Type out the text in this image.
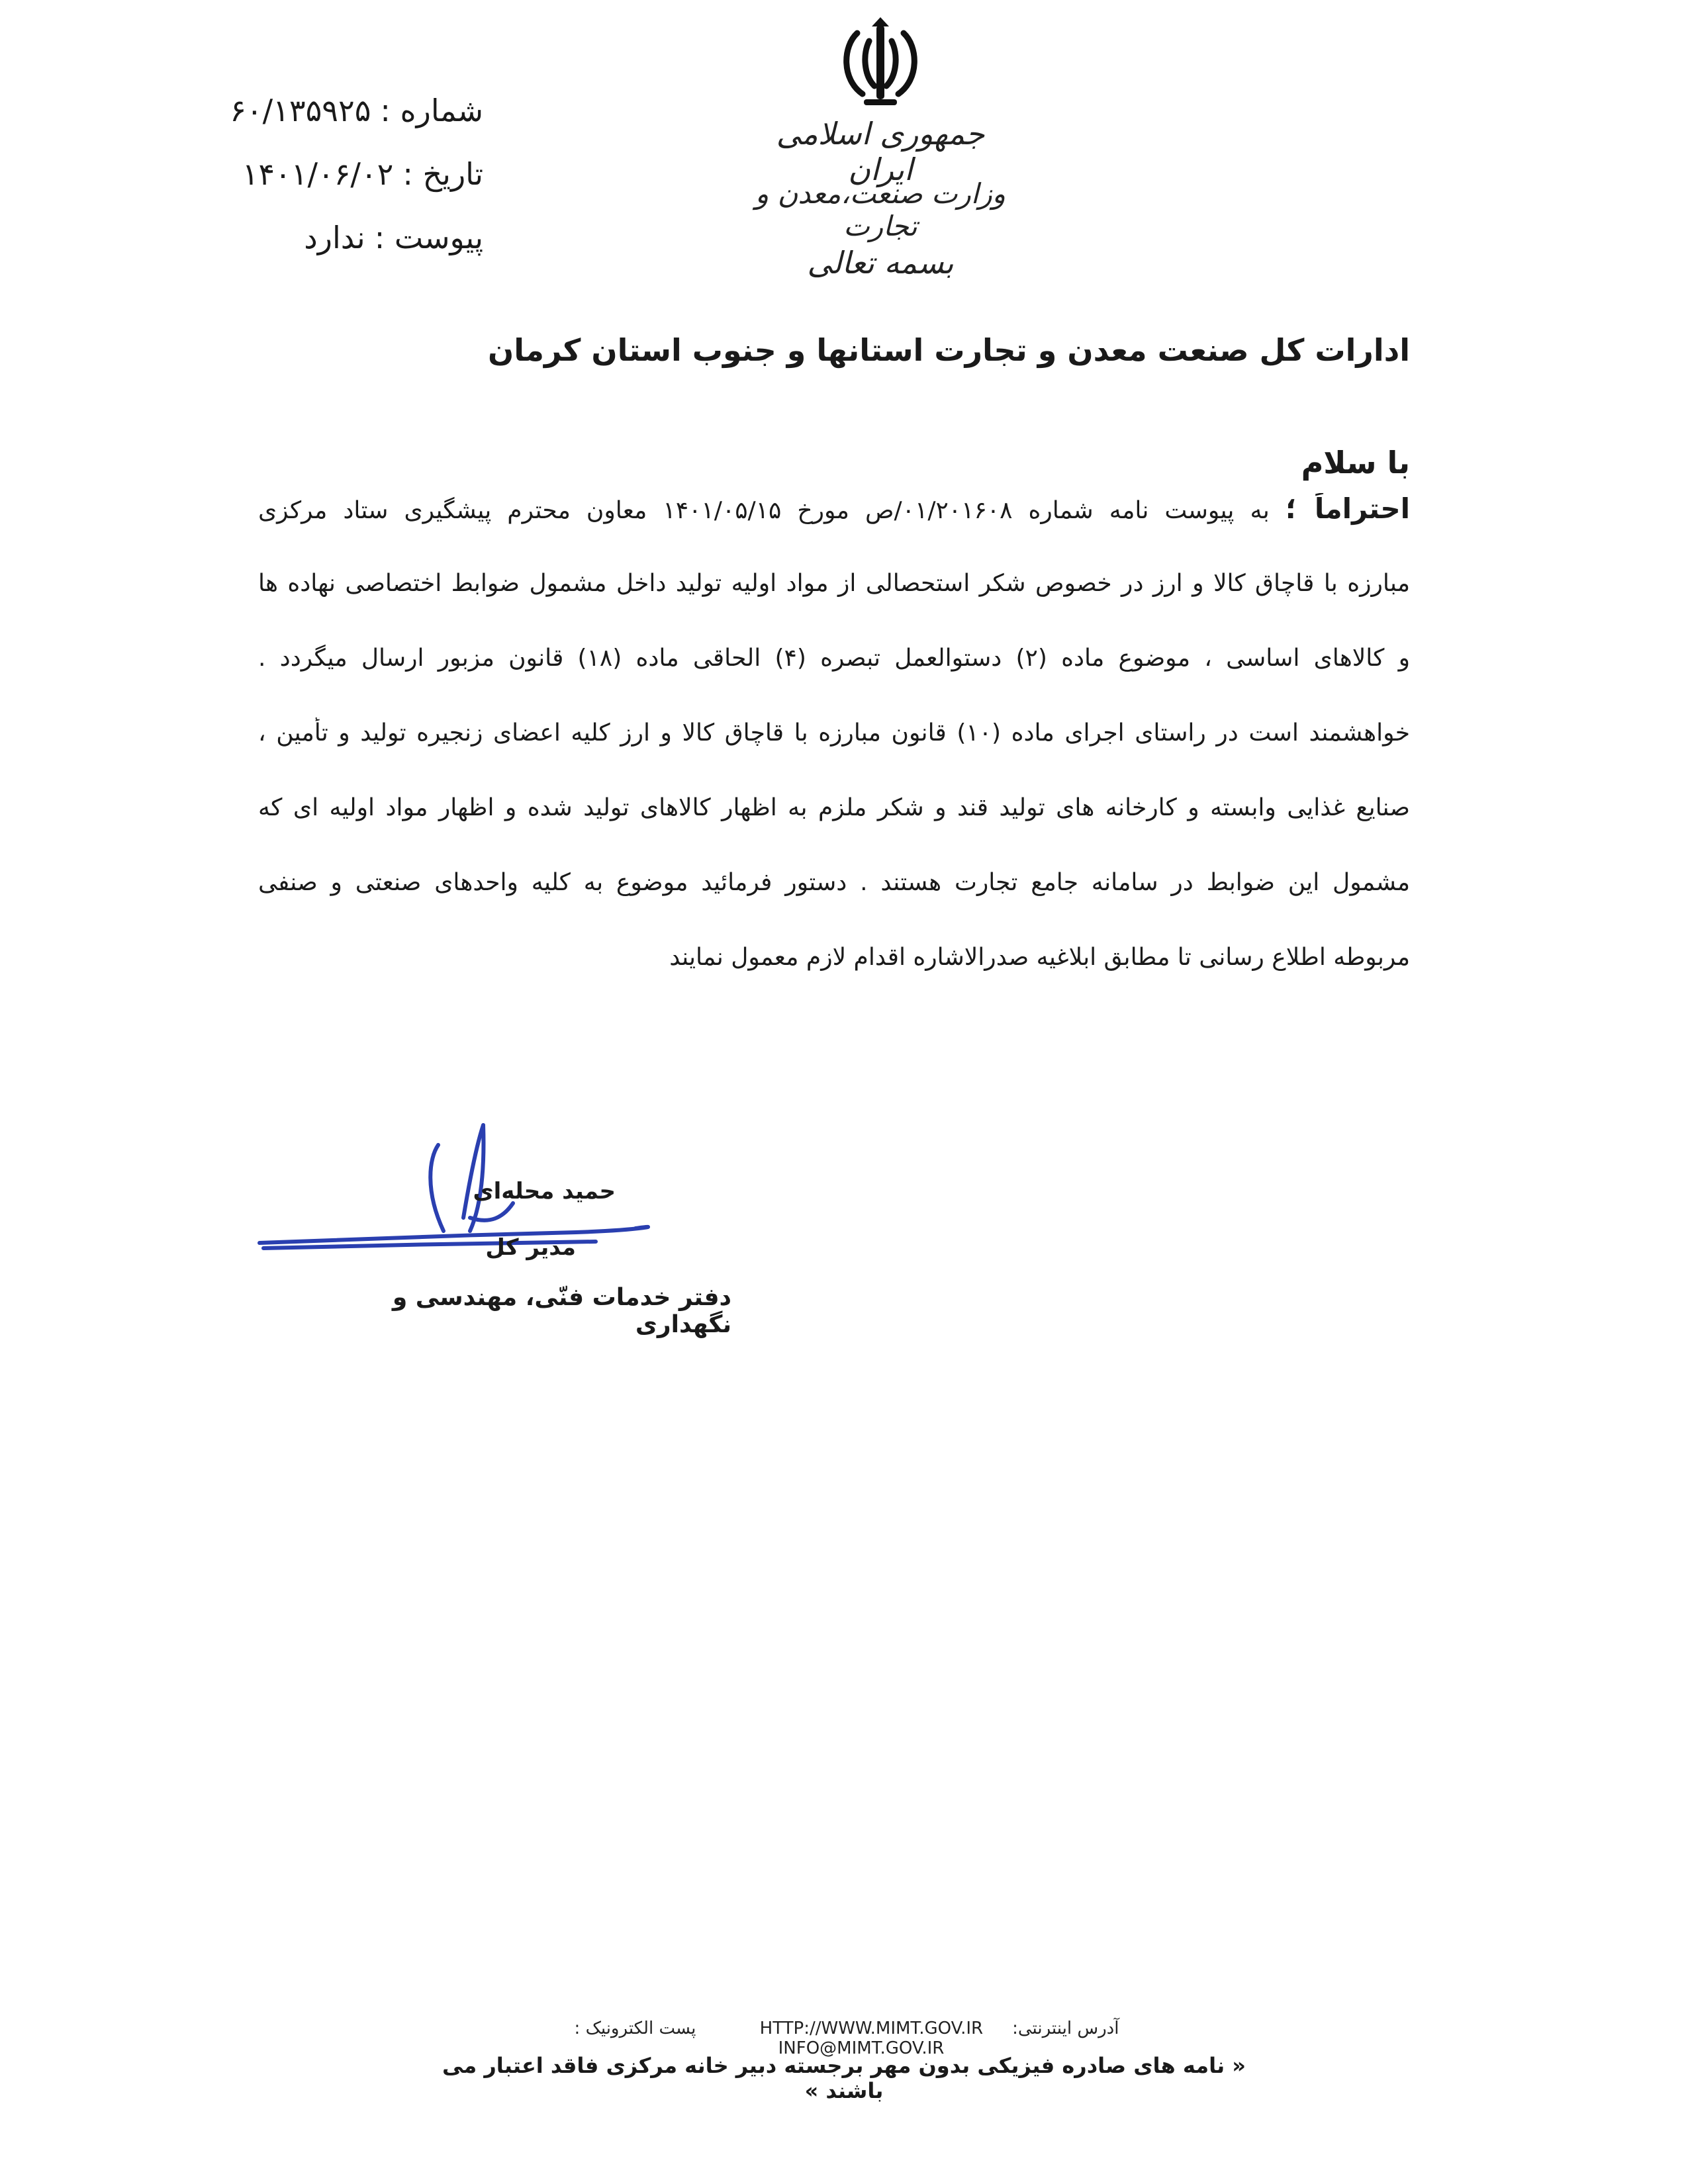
جمهوری اسلامی ایران
وزارت صنعت،معدن و تجارت
بسمه تعالی
شماره :۶۰/۱۳۵۹۲۵
تاریخ :۱۴۰۱/۰۶/۰۲
پیوست :ندارد
ادارات کل صنعت معدن و تجارت استانها و جنوب استان کرمان
با سلام
احتراماً ؛ به پیوست نامه شماره ۰۱/۲۰۱۶۰۸/ص مورخ ۱۴۰۱/۰۵/۱۵ معاون محترم پیشگیری ستاد مرکزی
مبارزه با قاچاق کالا و ارز در خصوص شکر استحصالی از مواد اولیه تولید داخل مشمول ضوابط اختصاصی نهاده ها
و کالاهای اساسی ، موضوع ماده (۲) دستوالعمل تبصره (۴) الحاقی ماده (۱۸) قانون مزبور ارسال میگردد .
خواهشمند است در راستای اجرای ماده (۱۰) قانون مبارزه با قاچاق کالا و ارز کلیه اعضای زنجیره تولید و تأمین ،
صنایع غذایی وابسته و کارخانه های تولید قند و شکر ملزم به اظهار کالاهای تولید شده و اظهار مواد اولیه ای که
مشمول این ضوابط در سامانه جامع تجارت هستند . دستور فرمائید موضوع به کلیه واحدهای صنعتی و صنفی
مربوطه اطلاع رسانی تا مطابق ابلاغیه صدرالاشاره اقدام لازم معمول نمایند
حمید محله‌ای
مدیر کل
دفتر خدمات فنّی، مهندسی و نگهداری
آدرس اینترنتی:HTTP://WWW.MIMT.GOV.IR پست الکترونیک : INFO@MIMT.GOV.IR
« نامه های صادره فیزیکی بدون مهر برجسته دبیر خانه مرکزی فاقد اعتبار می باشند »
